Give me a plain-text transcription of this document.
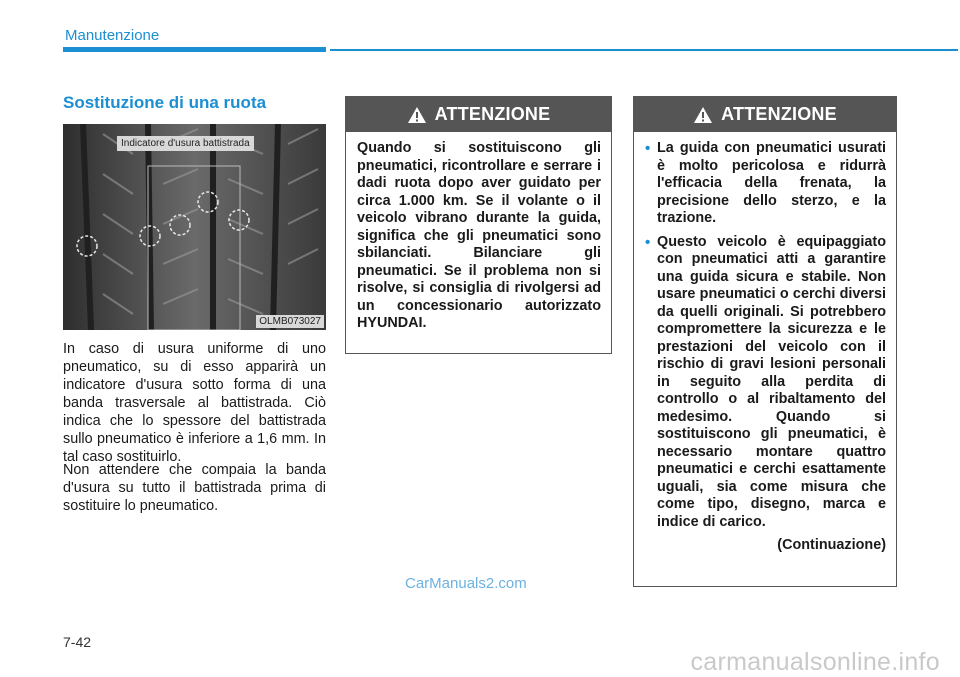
Manutenzione
Sostituzione di una ruota
Indicatore d'usura battistrada
OLMB073027

In caso di usura uniforme di uno pneumatico, su di esso apparirà un indicatore d'usura sotto forma di una banda trasversale al battistrada. Ciò indica che lo spessore del battistrada sullo pneumatico è inferiore a 1,6 mm. In tal caso sostituirlo.

Non attendere che compaia la banda d'usura su tutto il battistrada prima di sostituire lo pneumatico.

ATTENZIONE

Quando si sostituiscono gli pneumatici, ricontrollare e serrare i dadi ruota dopo aver guidato per circa 1.000 km. Se il volante o il veicolo vibrano durante la guida, significa che gli pneumatici sono sbilanciati. Bilanciare gli pneumatici. Se il problema non si risolve, si consiglia di rivolgersi ad un concessionario autorizzato HYUNDAI.

ATTENZIONE

• La guida con pneumatici usurati è molto pericolosa e ridurrà l'efficacia della frenata, la precisione dello sterzo, e la trazione.

• Questo veicolo è equipaggiato con pneumatici atti a garantire una guida sicura e stabile. Non usare pneumatici o cerchi diversi da quelli originali. Si potrebbero compromettere la sicurezza e le prestazioni del veicolo con il rischio di gravi lesioni personali in seguito alla perdita di controllo o al ribaltamento del medesimo. Quando si sostituiscono gli pneumatici, è necessario montare quattro pneumatici e cerchi esattamente uguali, sia come misura che come tipo, disegno, marca e indice di carico.

(Continuazione)

7-42
CarManuals2.com
carmanualsonline.info
